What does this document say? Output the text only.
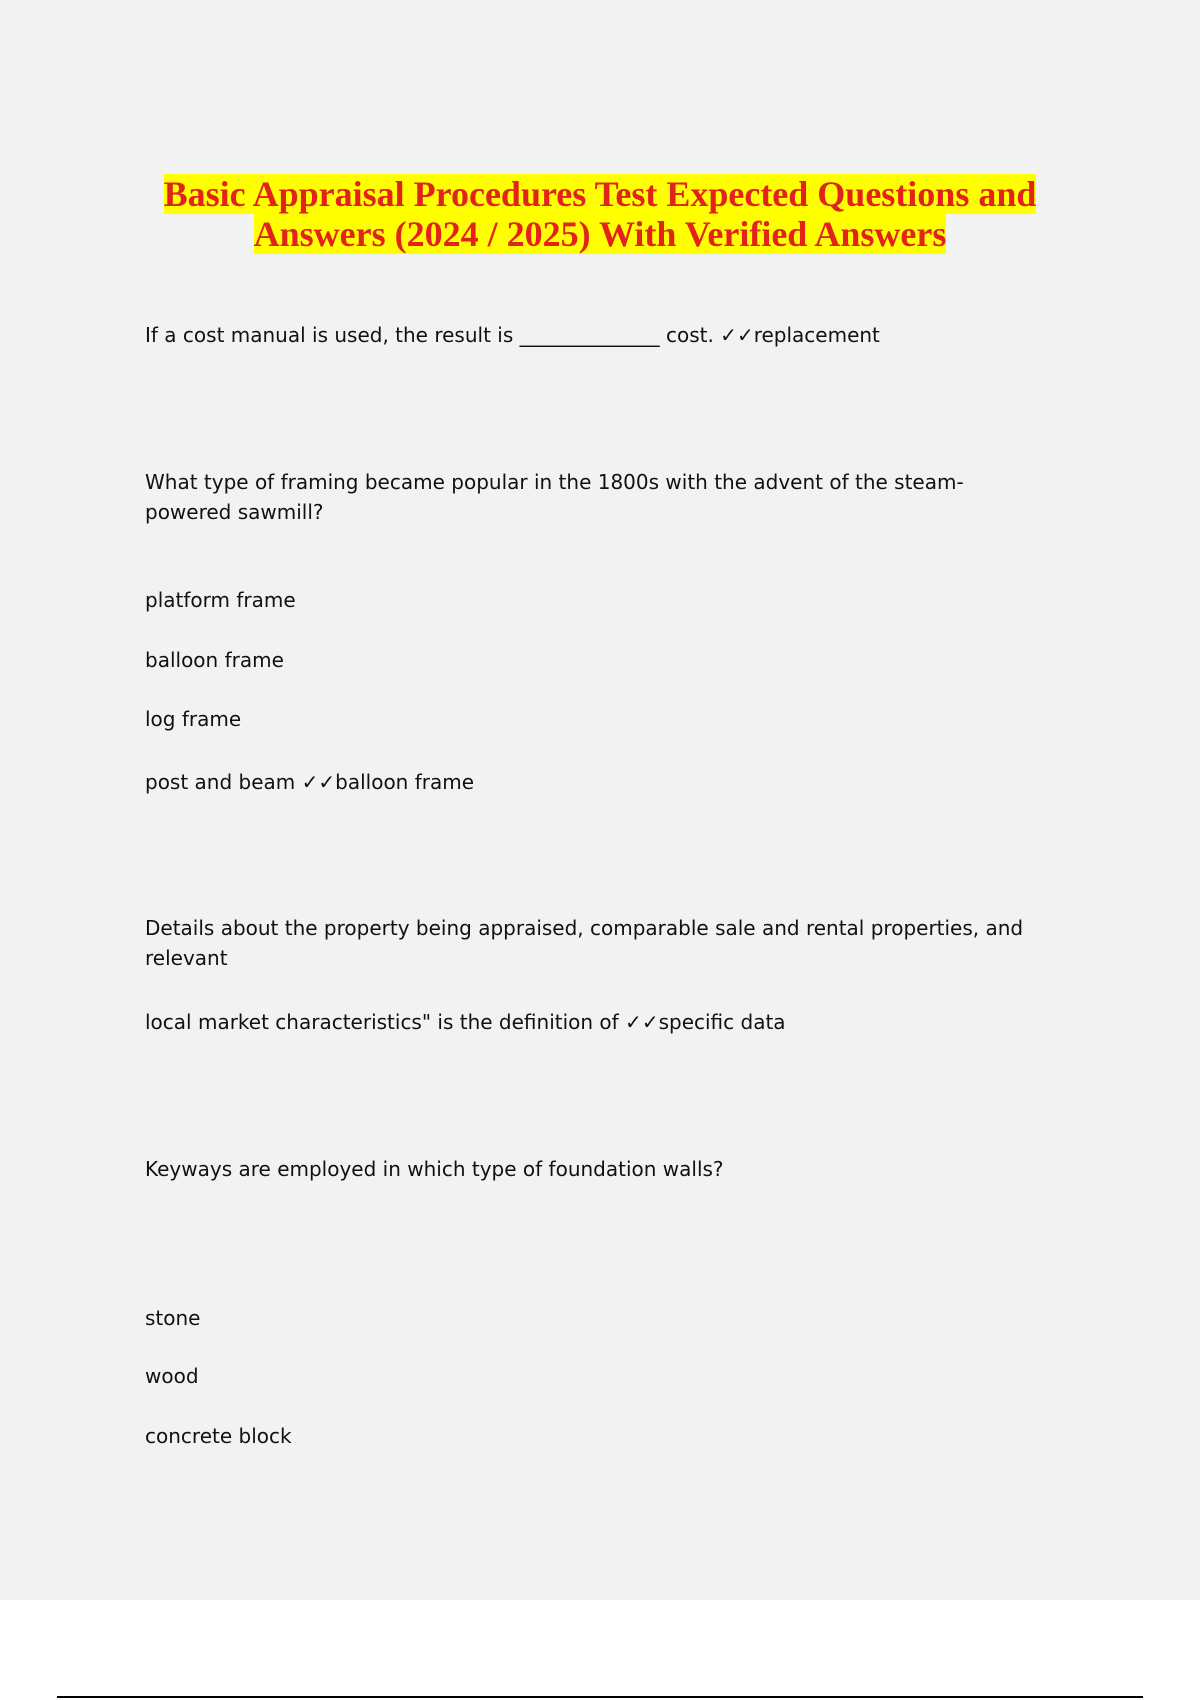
Basic Appraisal Procedures Test Expected Questions and
Answers (2024 / 2025) With Verified Answers
If a cost manual is used, the result is ______________ cost. ✓✓replacement
What type of framing became popular in the 1800s with the advent of the steam-powered sawmill?
platform frame
balloon frame
log frame
post and beam ✓✓balloon frame
Details about the property being appraised, comparable sale and rental properties, and relevant
local market characteristics" is the definition of ✓✓specific data
Keyways are employed in which type of foundation walls?
stone
wood
concrete block
